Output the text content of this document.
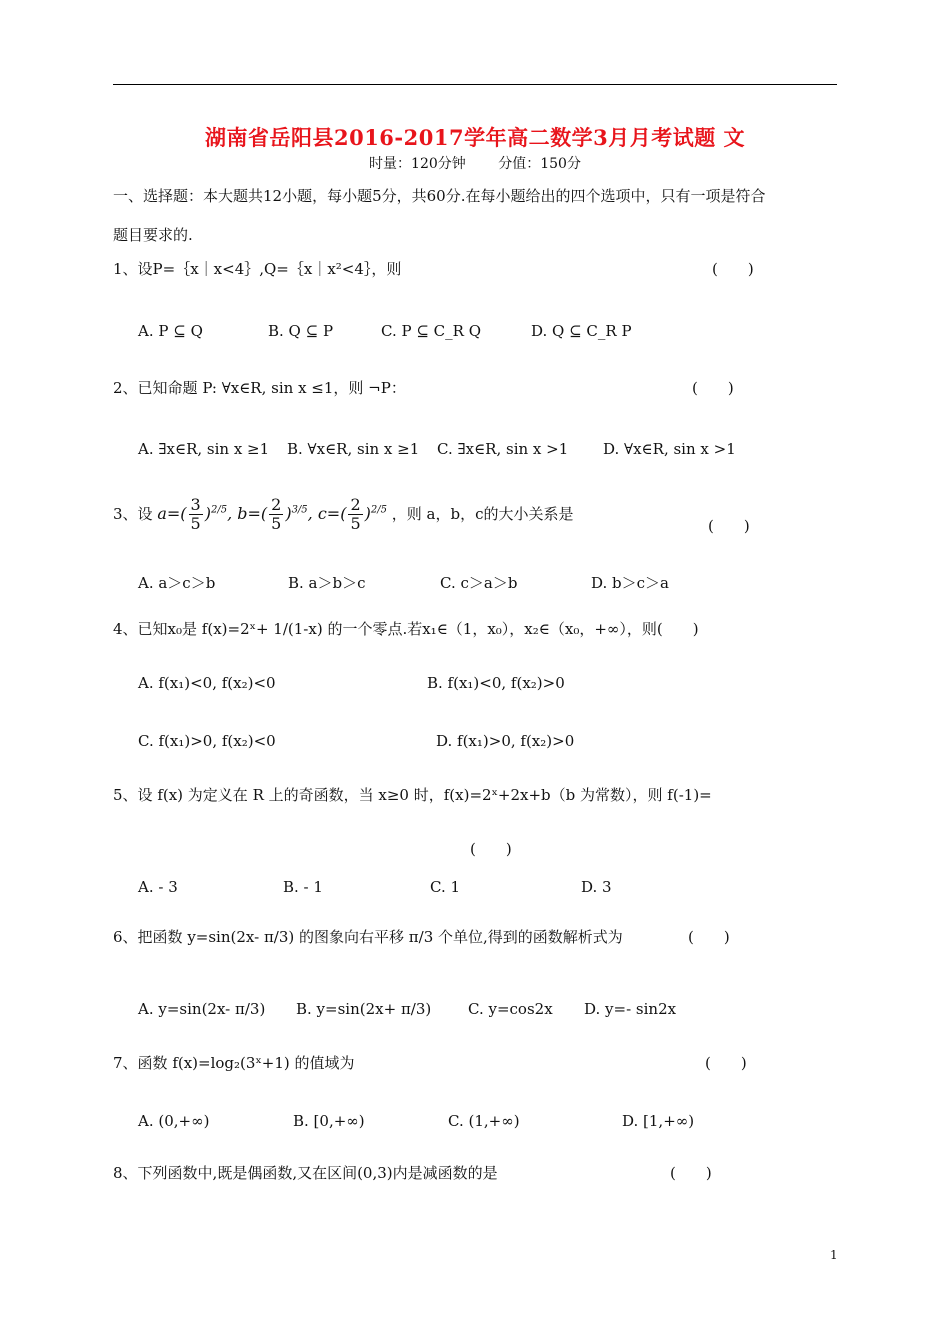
湖南省岳阳县2016-2017学年高二数学3月月考试题 文
时量：120分钟 分值：150分
一、选择题：本大题共12小题，每小题5分，共60分.在每小题给出的四个选项中，只有一项是符合
题目要求的.
1、设P=｛x｜x<4｝,Q=｛x｜x²<4｝，则	(　　)
A. P ⊆ Q	B. Q ⊆ P	C. P ⊆ C_R Q	D. Q ⊆ C_R P
2、已知命题 P: ∀x∈R, sin x ≤1，则 ¬P：	(　　)
A. ∃x∈R, sin x ≥1 B. ∀x∈R, sin x ≥1 C. ∃x∈R, sin x >1 D. ∀x∈R, sin x >1
3、设 $a=( \frac{3}{5} )^{2/5}$, $b=( \frac{2}{5} )^{3/5}$, $c=( \frac{2}{5} )^{2/5}$ ，则 a，b，c的大小关系是
(　　)
A. a＞c＞b	B. a＞b＞c	C. c＞a＞b	D. b＞c＞a
4、已知x₀是 f(x)=2ˣ+ 1/(1-x) 的一个零点.若x₁∈（1，x₀），x₂∈（x₀，+∞），则(　　)
A. f(x₁)<0, f(x₂)<0	B. f(x₁)<0, f(x₂)>0
C. f(x₁)>0, f(x₂)<0	D. f(x₁)>0, f(x₂)>0
5、设 f(x) 为定义在 R 上的奇函数，当 x≥0 时，f(x)=2ˣ+2x+b（b 为常数），则 f(-1)=
(　　)
A. - 3	B. - 1	C. 1	D. 3
6、把函数 y=sin(2x- π/3) 的图象向右平移 π/3 个单位,得到的函数解析式为	(　　)
A. y=sin(2x- π/3) B. y=sin(2x+ π/3) C. y=cos2x D. y=- sin2x
7、函数 f(x)=log₂(3ˣ+1) 的值域为	(　　)
A. (0,+∞)	B. [0,+∞)	C. (1,+∞)	D. [1,+∞)
8、下列函数中,既是偶函数,又在区间(0,3)内是减函数的是	(　　)
1
